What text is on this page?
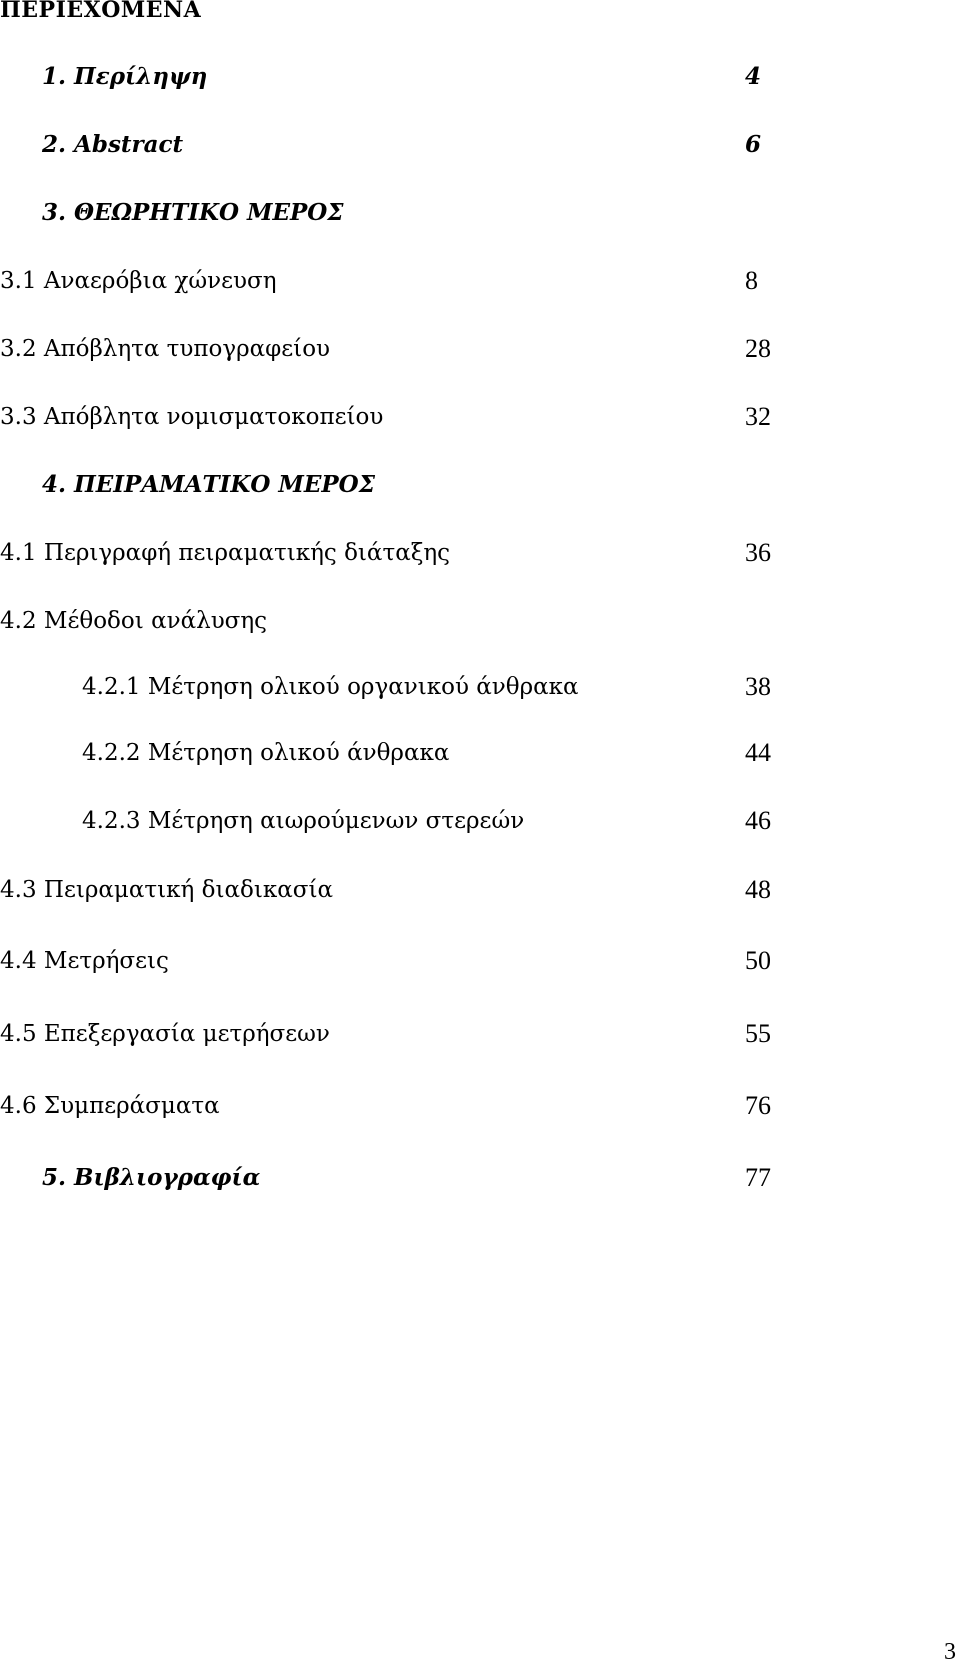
ΠΕΡΙΕΧΟΜΕΝΑ
1. Περίληψη	4
2. Abstract	6
3. ΘΕΩΡΗΤΙΚΟ ΜΕΡΟΣ
3.1 Αναερόβια χώνευση	8
3.2 Απόβλητα τυπογραφείου	28
3.3 Απόβλητα νομισματοκοπείου	32
4. ΠΕΙΡΑΜΑΤΙΚΟ ΜΕΡΟΣ
4.1 Περιγραφή πειραματικής διάταξης	36
4.2 Μέθοδοι ανάλυσης
4.2.1 Μέτρηση ολικού οργανικού άνθρακα	38
4.2.2 Μέτρηση ολικού άνθρακα	44
4.2.3 Μέτρηση αιωρούμενων στερεών	46
4.3 Πειραματική διαδικασία	48
4.4 Μετρήσεις	50
4.5 Επεξεργασία μετρήσεων	55
4.6 Συμπεράσματα	76
5. Βιβλιογραφία	77
3
